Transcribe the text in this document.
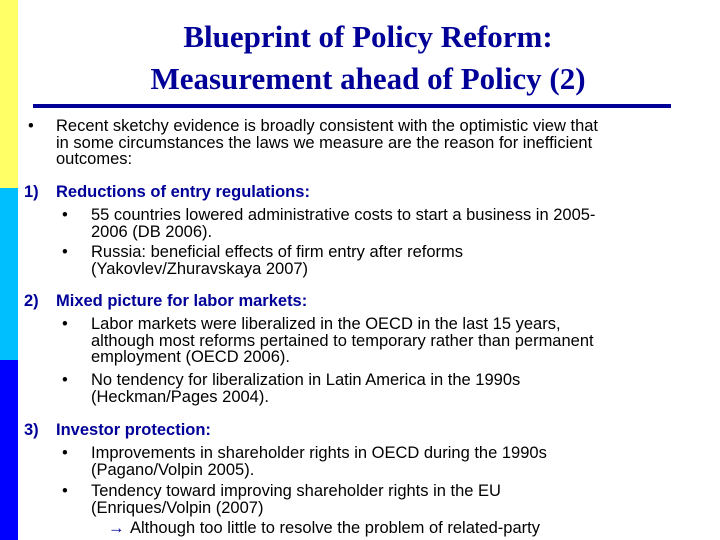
Blueprint of Policy Reform:
Measurement ahead of Policy (2)
• Recent sketchy evidence is broadly consistent with the optimistic view that
in some circumstances the laws we measure are the reason for inefficient
outcomes:
1) Reductions of entry regulations:
• 55 countries lowered administrative costs to start a business in 2005-
2006 (DB 2006).
• Russia: beneficial effects of firm entry after reforms
(Yakovlev/Zhuravskaya 2007)
2) Mixed picture for labor markets:
• Labor markets were liberalized in the OECD in the last 15 years,
although most reforms pertained to temporary rather than permanent
employment (OECD 2006).
• No tendency for liberalization in Latin America in the 1990s
(Heckman/Pages 2004).
3) Investor protection:
• Improvements in shareholder rights in OECD during the 1990s
(Pagano/Volpin 2005).
• Tendency toward improving shareholder rights in the EU
(Enriques/Volpin (2007)
→ Although too little to resolve the problem of related-party
